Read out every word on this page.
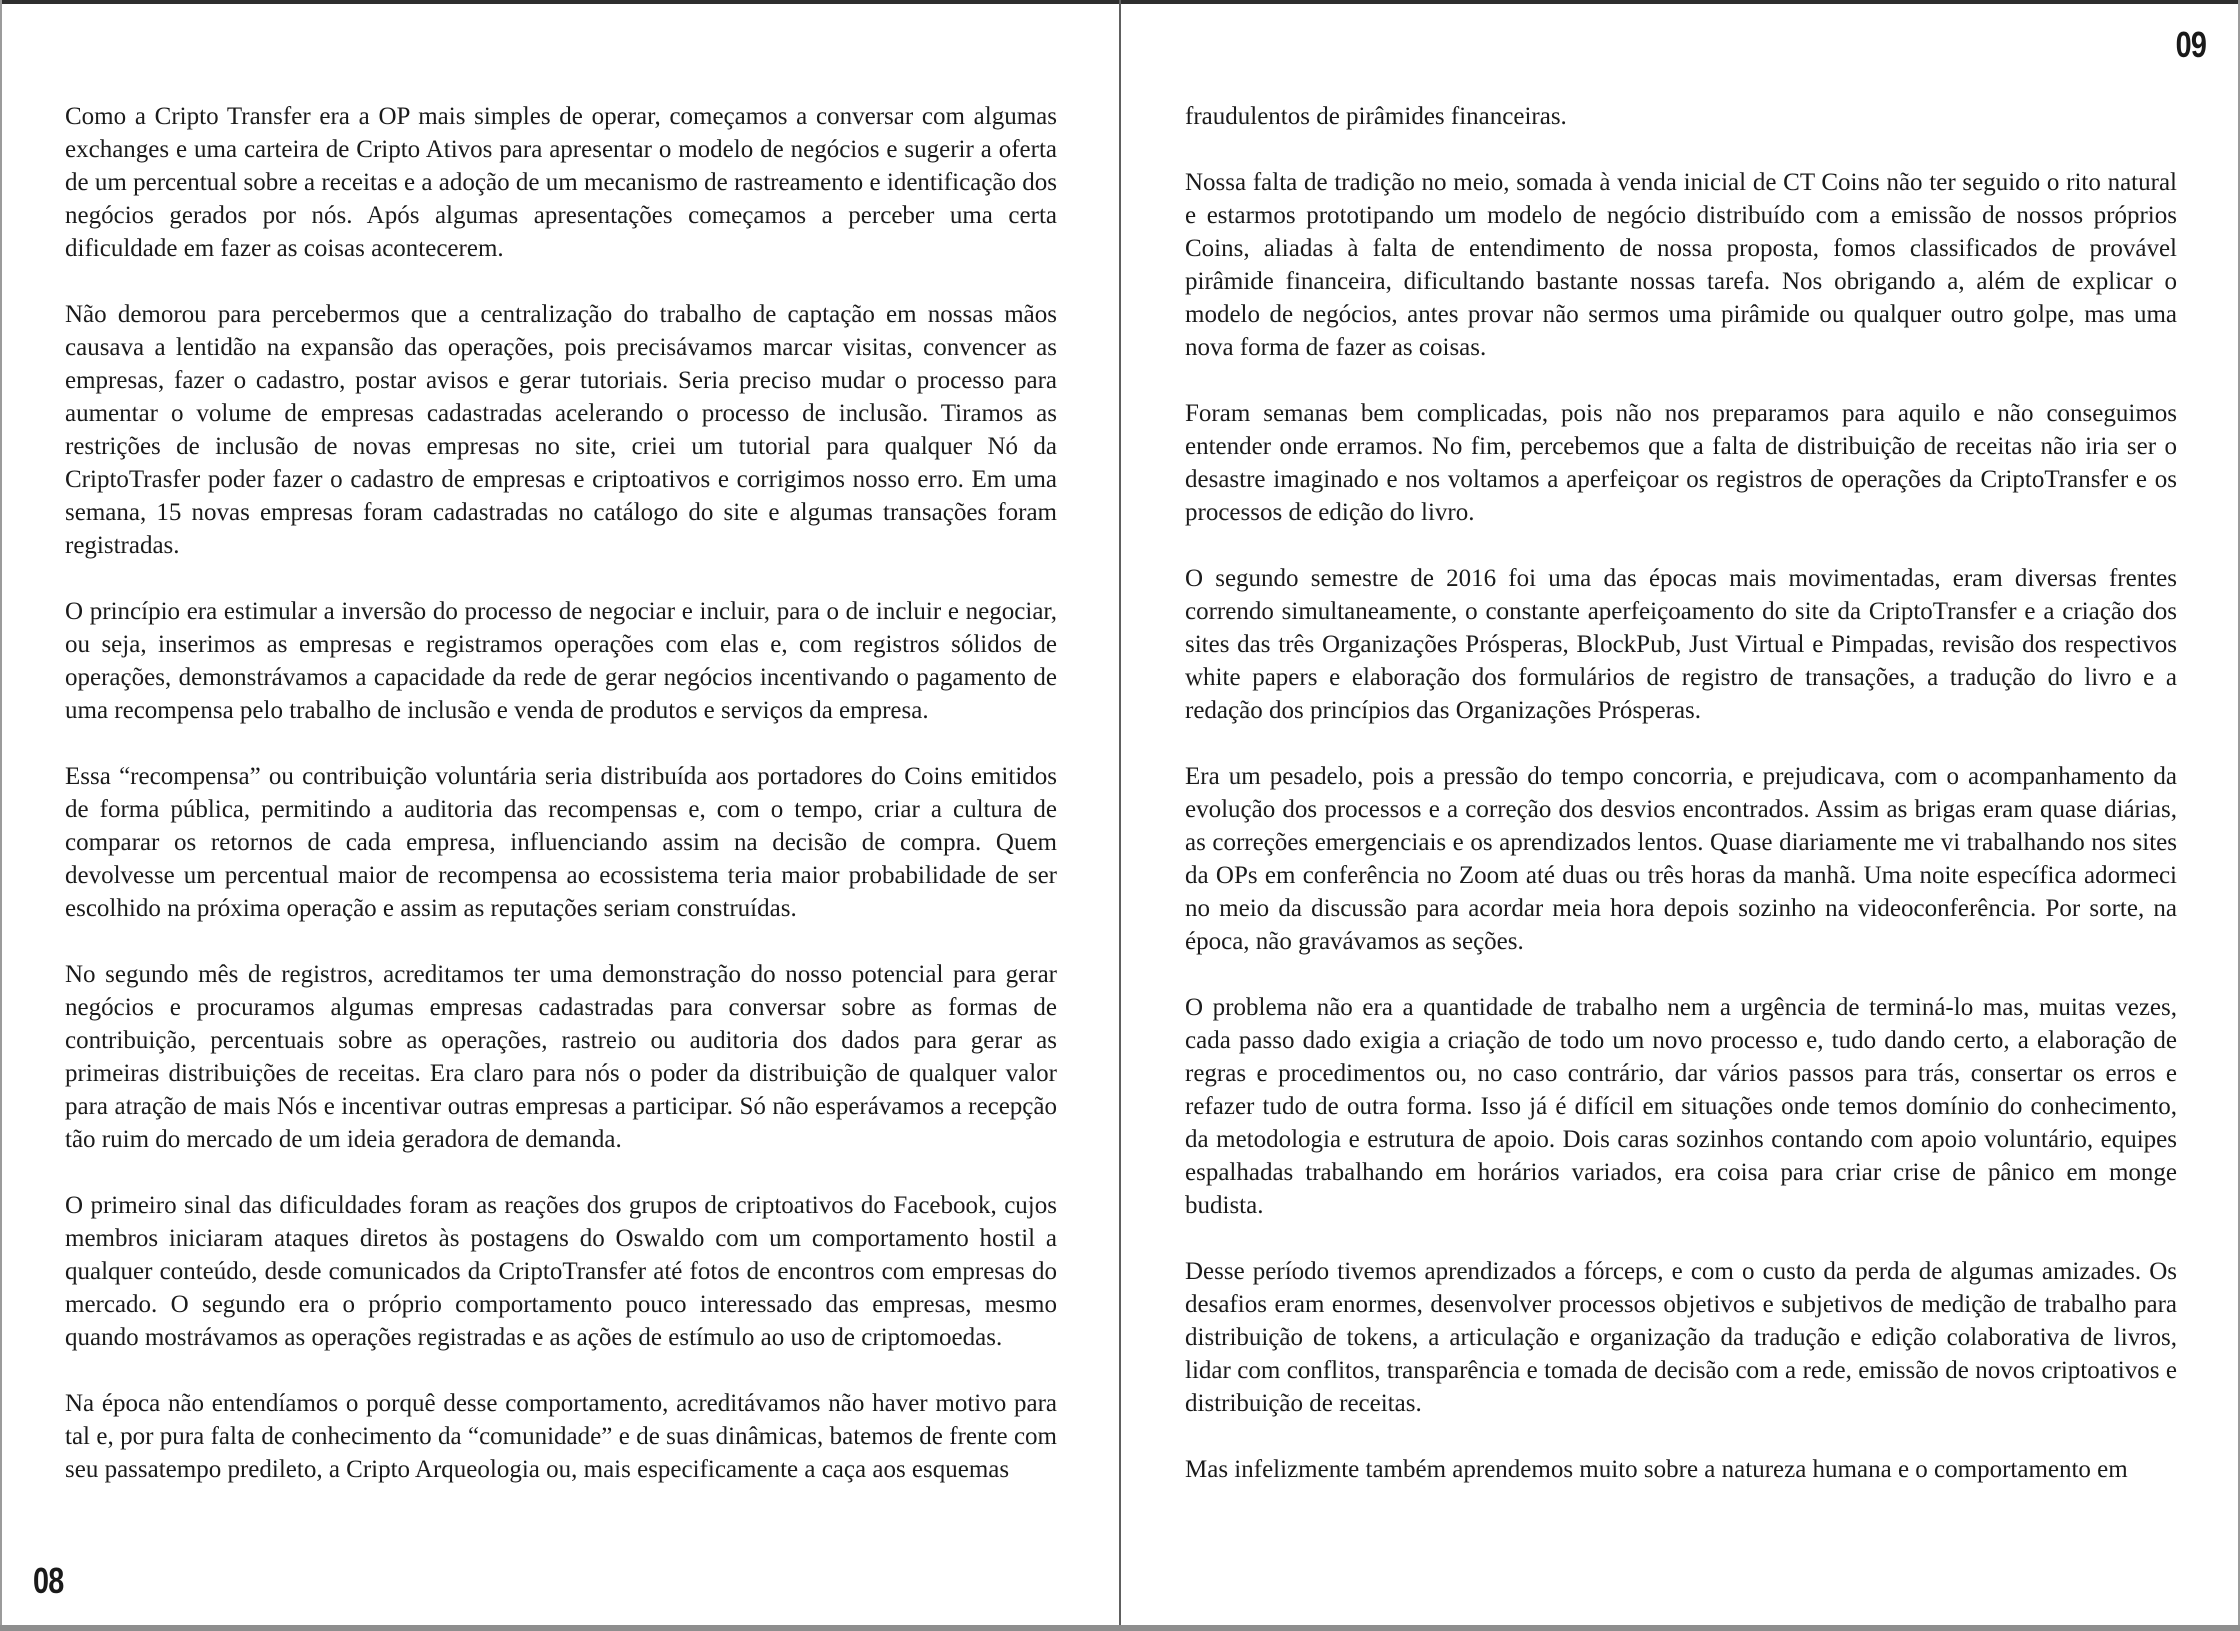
Como a Cripto Transfer era a OP mais simples de operar, começamos a conversar com algumas exchanges e uma carteira de Cripto Ativos para apresentar o modelo de negócios e sugerir a oferta de um percentual sobre a receitas e a adoção de um mecanismo de rastreamento e identificação dos negócios gerados por nós. Após algumas apresentações começamos a perceber uma certa dificuldade em fazer as coisas acontecerem.

Não demorou para percebermos que a centralização do trabalho de captação em nossas mãos causava a lentidão na expansão das operações, pois precisávamos marcar visitas, convencer as empresas, fazer o cadastro, postar avisos e gerar tutoriais. Seria preciso mudar o processo para aumentar o volume de empresas cadastradas acelerando o processo de inclusão. Tiramos as restrições de inclusão de novas empresas no site, criei um tutorial para qualquer Nó da CriptoTrasfer poder fazer o cadastro de empresas e criptoativos e corrigimos nosso erro. Em uma semana, 15 novas empresas foram cadastradas no catálogo do site e algumas transações foram registradas.

O princípio era estimular a inversão do processo de negociar e incluir, para o de incluir e negociar, ou seja, inserimos as empresas e registramos operações com elas e, com registros sólidos de operações, demonstrávamos a capacidade da rede de gerar negócios incentivando o pagamento de uma recompensa pelo trabalho de inclusão e venda de produtos e serviços da empresa.

Essa “recompensa” ou contribuição voluntária seria distribuída aos portadores do Coins emitidos de forma pública, permitindo a auditoria das recompensas e, com o tempo, criar a cultura de comparar os retornos de cada empresa, influenciando assim na decisão de compra. Quem devolvesse um percentual maior de recompensa ao ecossistema teria maior probabilidade de ser escolhido na próxima operação e assim as reputações seriam construídas.

No segundo mês de registros, acreditamos ter uma demonstração do nosso potencial para gerar negócios e procuramos algumas empresas cadastradas para conversar sobre as formas de contribuição, percentuais sobre as operações, rastreio ou auditoria dos dados para gerar as primeiras distribuições de receitas. Era claro para nós o poder da distribuição de qualquer valor para atração de mais Nós e incentivar outras empresas a participar. Só não esperávamos a recepção tão ruim do mercado de um ideia geradora de demanda.

O primeiro sinal das dificuldades foram as reações dos grupos de criptoativos do Facebook, cujos membros iniciaram ataques diretos às postagens do Oswaldo com um comportamento hostil a qualquer conteúdo, desde comunicados da CriptoTransfer até fotos de encontros com empresas do mercado. O segundo era o próprio comportamento pouco interessado das empresas, mesmo quando mostrávamos as operações registradas e as ações de estímulo ao uso de criptomoedas.

Na época não entendíamos o porquê desse comportamento, acreditávamos não haver motivo para tal e, por pura falta de conhecimento da “comunidade” e de suas dinâmicas, batemos de frente com seu passatempo predileto, a Cripto Arqueologia ou, mais especificamente a caça aos esquemas

fraudulentos de pirâmides financeiras.

Nossa falta de tradição no meio, somada à venda inicial de CT Coins não ter seguido o rito natural e estarmos prototipando um modelo de negócio distribuído com a emissão de nossos próprios Coins, aliadas à falta de entendimento de nossa proposta, fomos classificados de provável pirâmide financeira, dificultando bastante nossas tarefa. Nos obrigando a, além de explicar o modelo de negócios, antes provar não sermos uma pirâmide ou qualquer outro golpe, mas uma nova forma de fazer as coisas.

Foram semanas bem complicadas, pois não nos preparamos para aquilo e não conseguimos entender onde erramos. No fim, percebemos que a falta de distribuição de receitas não iria ser o desastre imaginado e nos voltamos a aperfeiçoar os registros de operações da CriptoTransfer e os processos de edição do livro.

O segundo semestre de 2016 foi uma das épocas mais movimentadas, eram diversas frentes correndo simultaneamente, o constante aperfeiçoamento do site da CriptoTransfer e a criação dos sites das três Organizações Prósperas, BlockPub, Just Virtual e Pimpadas, revisão dos respectivos white papers e elaboração dos formulários de registro de transações, a tradução do livro e a redação dos princípios das Organizações Prósperas.

Era um pesadelo, pois a pressão do tempo concorria, e prejudicava, com o acompanhamento da evolução dos processos e a correção dos desvios encontrados. Assim as brigas eram quase diárias, as correções emergenciais e os aprendizados lentos. Quase diariamente me vi trabalhando nos sites da OPs em conferência no Zoom até duas ou três horas da manhã. Uma noite específica adormeci no meio da discussão para acordar meia hora depois sozinho na videoconferência. Por sorte, na época, não gravávamos as seções.

O problema não era a quantidade de trabalho nem a urgência de terminá-lo mas, muitas vezes, cada passo dado exigia a criação de todo um novo processo e, tudo dando certo, a elaboração de regras e procedimentos ou, no caso contrário, dar vários passos para trás, consertar os erros e refazer tudo de outra forma. Isso já é difícil em situações onde temos domínio do conhecimento, da metodologia e estrutura de apoio. Dois caras sozinhos contando com apoio voluntário, equipes espalhadas trabalhando em horários variados, era coisa para criar crise de pânico em monge budista.

Desse período tivemos aprendizados a fórceps, e com o custo da perda de algumas amizades. Os desafios eram enormes, desenvolver processos objetivos e subjetivos de medição de trabalho para distribuição de tokens, a articulação e organização da tradução e edição colaborativa de livros, lidar com conflitos, transparência e tomada de decisão com a rede, emissão de novos criptoativos e distribuição de receitas.

Mas infelizmente também aprendemos muito sobre a natureza humana e o comportamento em

08
09
